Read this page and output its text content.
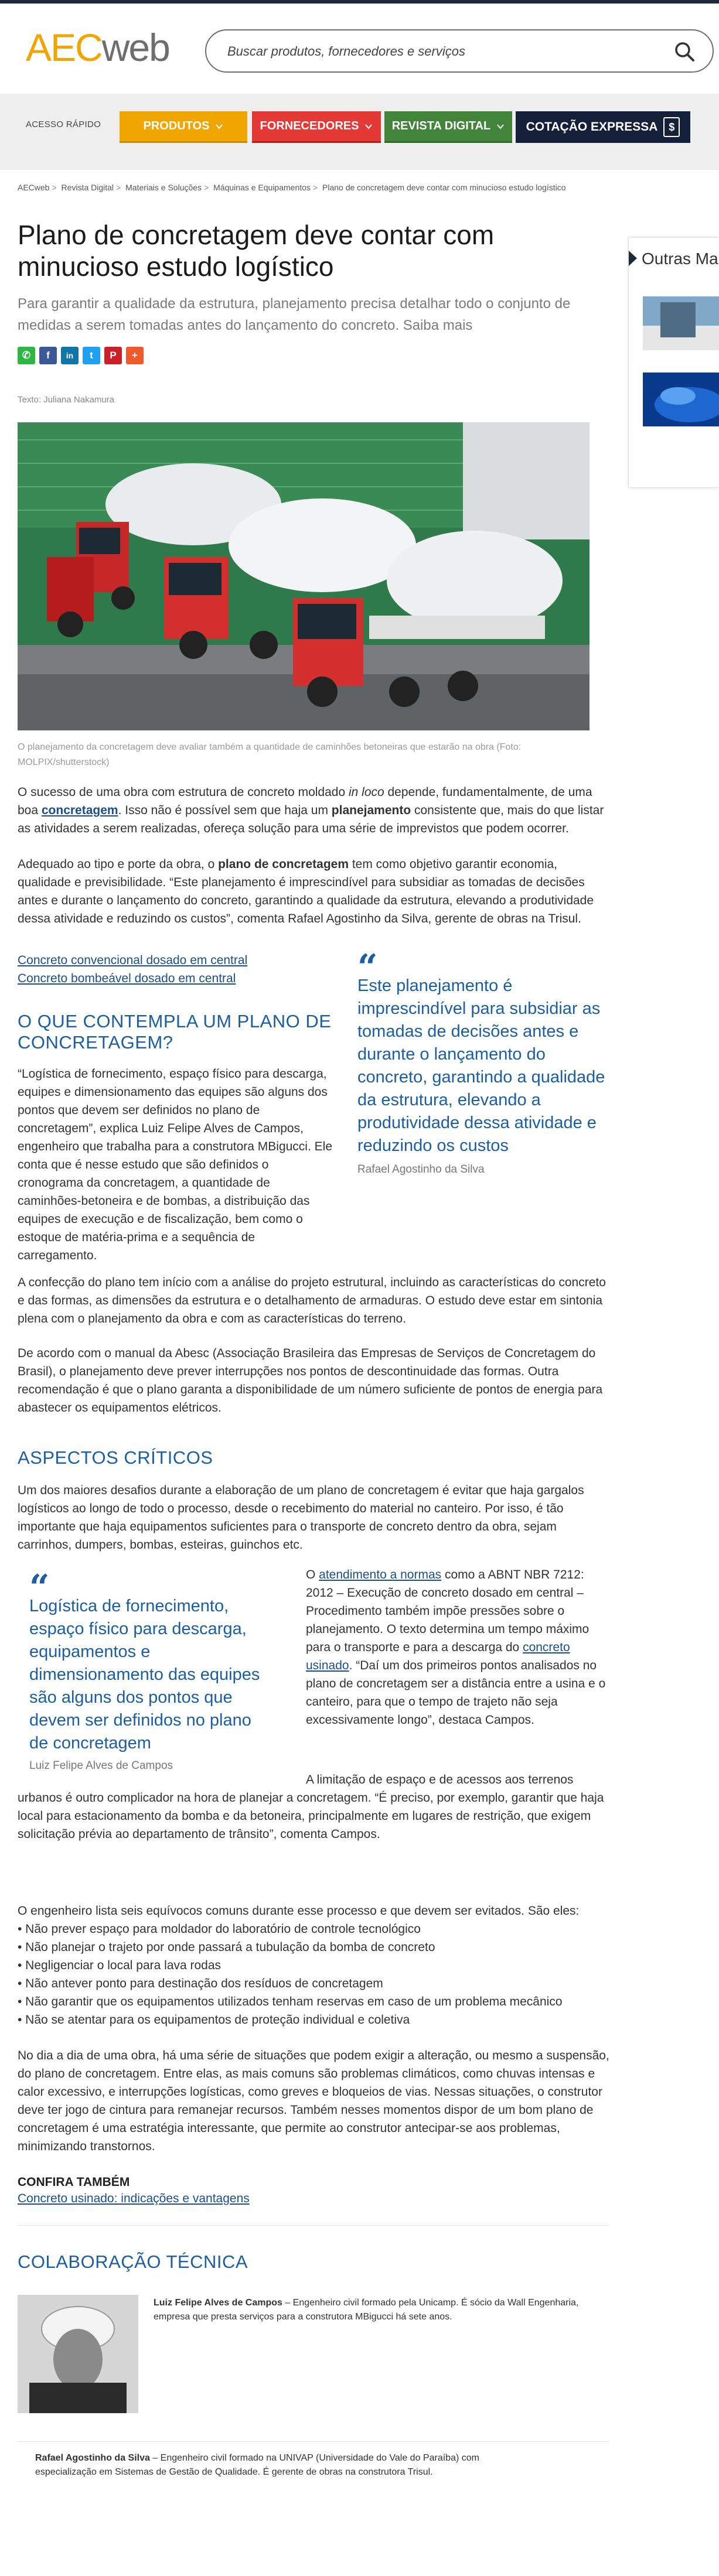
AECweb
Buscar produtos, fornecedores e serviços
ACESSO RÁPIDO	PRODUTOS	FORNECEDORES	REVISTA DIGITAL	COTAÇÃO EXPRESSA	$
AECweb > Revista Digital > Materiais e Soluções > Máquinas e Equipamentos > Plano de concretagem deve contar com minucioso estudo logístico
Plano de concretagem deve contar com minucioso estudo logístico
Para garantir a qualidade da estrutura, planejamento precisa detalhar todo o conjunto de medidas a serem tomadas antes do lançamento do concreto. Saiba mais
✆	f	in	t	P	+
Texto: Juliana Nakamura
O planejamento da concretagem deve avaliar também a quantidade de caminhões betoneiras que estarão na obra (Foto: MOLPIX/shutterstock)

O sucesso de uma obra com estrutura de concreto moldado in loco depende, fundamentalmente, de uma boa concretagem. Isso não é possível sem que haja um planejamento consistente que, mais do que listar as atividades a serem realizadas, ofereça solução para uma série de imprevistos que podem ocorrer.

Adequado ao tipo e porte da obra, o plano de concretagem tem como objetivo garantir economia, qualidade e previsibilidade. “Este planejamento é imprescindível para subsidiar as tomadas de decisões antes e durante o lançamento do concreto, garantindo a qualidade da estrutura, elevando a produtividade dessa atividade e reduzindo os custos”, comenta Rafael Agostinho da Silva, gerente de obras na Trisul.

Concreto convencional dosado em central
Concreto bombeável dosado em central
O QUE CONTEMPLA UM PLANO DE CONCRETAGEM?

“Logística de fornecimento, espaço físico para descarga, equipes e dimensionamento das equipes são alguns dos pontos que devem ser definidos no plano de concretagem”, explica Luiz Felipe Alves de Campos, engenheiro que trabalha para a construtora MBigucci. Ele conta que é nesse estudo que são definidos o cronograma da concretagem, a quantidade de caminhões-betoneira e de bombas, a distribuição das equipes de execução e de fiscalização, bem como o estoque de matéria-prima e a sequência de carregamento.

“
Este planejamento é imprescindível para subsidiar as tomadas de decisões antes e durante o lançamento do concreto, garantindo a qualidade da estrutura, elevando a produtividade dessa atividade e reduzindo os custos
Rafael Agostinho da Silva

A confecção do plano tem início com a análise do projeto estrutural, incluindo as características do concreto e das formas, as dimensões da estrutura e o detalhamento de armaduras. O estudo deve estar em sintonia plena com o planejamento da obra e com as características do terreno.

De acordo com o manual da Abesc (Associação Brasileira das Empresas de Serviços de Concretagem do Brasil), o planejamento deve prever interrupções nos pontos de descontinuidade das formas. Outra recomendação é que o plano garanta a disponibilidade de um número suficiente de pontos de energia para abastecer os equipamentos elétricos.

ASPECTOS CRÍTICOS

Um dos maiores desafios durante a elaboração de um plano de concretagem é evitar que haja gargalos logísticos ao longo de todo o processo, desde o recebimento do material no canteiro. Por isso, é tão importante que haja equipamentos suficientes para o transporte de concreto dentro da obra, sejam carrinhos, dumpers, bombas, esteiras, guinchos etc.

“
Logística de fornecimento, espaço físico para descarga, equipamentos e dimensionamento das equipes são alguns dos pontos que devem ser definidos no plano de concretagem
Luiz Felipe Alves de Campos

O atendimento a normas como a ABNT NBR 7212: 2012 – Execução de concreto dosado em central – Procedimento também impõe pressões sobre o planejamento. O texto determina um tempo máximo para o transporte e para a descarga do concreto usinado. “Daí um dos primeiros pontos analisados no plano de concretagem ser a distância entre a usina e o canteiro, para que o tempo de trajeto não seja excessivamente longo”, destaca Campos.

A limitação de espaço e de acessos aos terrenos urbanos é outro complicador na hora de planejar a concretagem. “É preciso, por exemplo, garantir que haja local para estacionamento da bomba e da betoneira, principalmente em lugares de restrição, que exigem solicitação prévia ao departamento de trânsito”, comenta Campos.

O engenheiro lista seis equívocos comuns durante esse processo e que devem ser evitados. São eles:

• Não prever espaço para moldador do laboratório de controle tecnológico
• Não planejar o trajeto por onde passará a tubulação da bomba de concreto
• Negligenciar o local para lava rodas
• Não antever ponto para destinação dos resíduos de concretagem
• Não garantir que os equipamentos utilizados tenham reservas em caso de um problema mecânico
• Não se atentar para os equipamentos de proteção individual e coletiva

No dia a dia de uma obra, há uma série de situações que podem exigir a alteração, ou mesmo a suspensão, do plano de concretagem. Entre elas, as mais comuns são problemas climáticos, como chuvas intensas e calor excessivo, e interrupções logísticas, como greves e bloqueios de vias. Nessas situações, o construtor deve ter jogo de cintura para remanejar recursos. Também nesses momentos dispor de um bom plano de concretagem é uma estratégia interessante, que permite ao construtor antecipar-se aos problemas, minimizando transtornos.

CONFIRA TAMBÉM
Concreto usinado: indicações e vantagens
COLABORAÇÃO TÉCNICA

Luiz Felipe Alves de Campos – Engenheiro civil formado pela Unicamp. É sócio da Wall Engenharia, empresa que presta serviços para a construtora MBigucci há sete anos.

Rafael Agostinho da Silva – Engenheiro civil formado na UNIVAP (Universidade do Vale do Paraíba) com especialização em Sistemas de Gestão de Qualidade. É gerente de obras na construtora Trisul.

Outras Ma
